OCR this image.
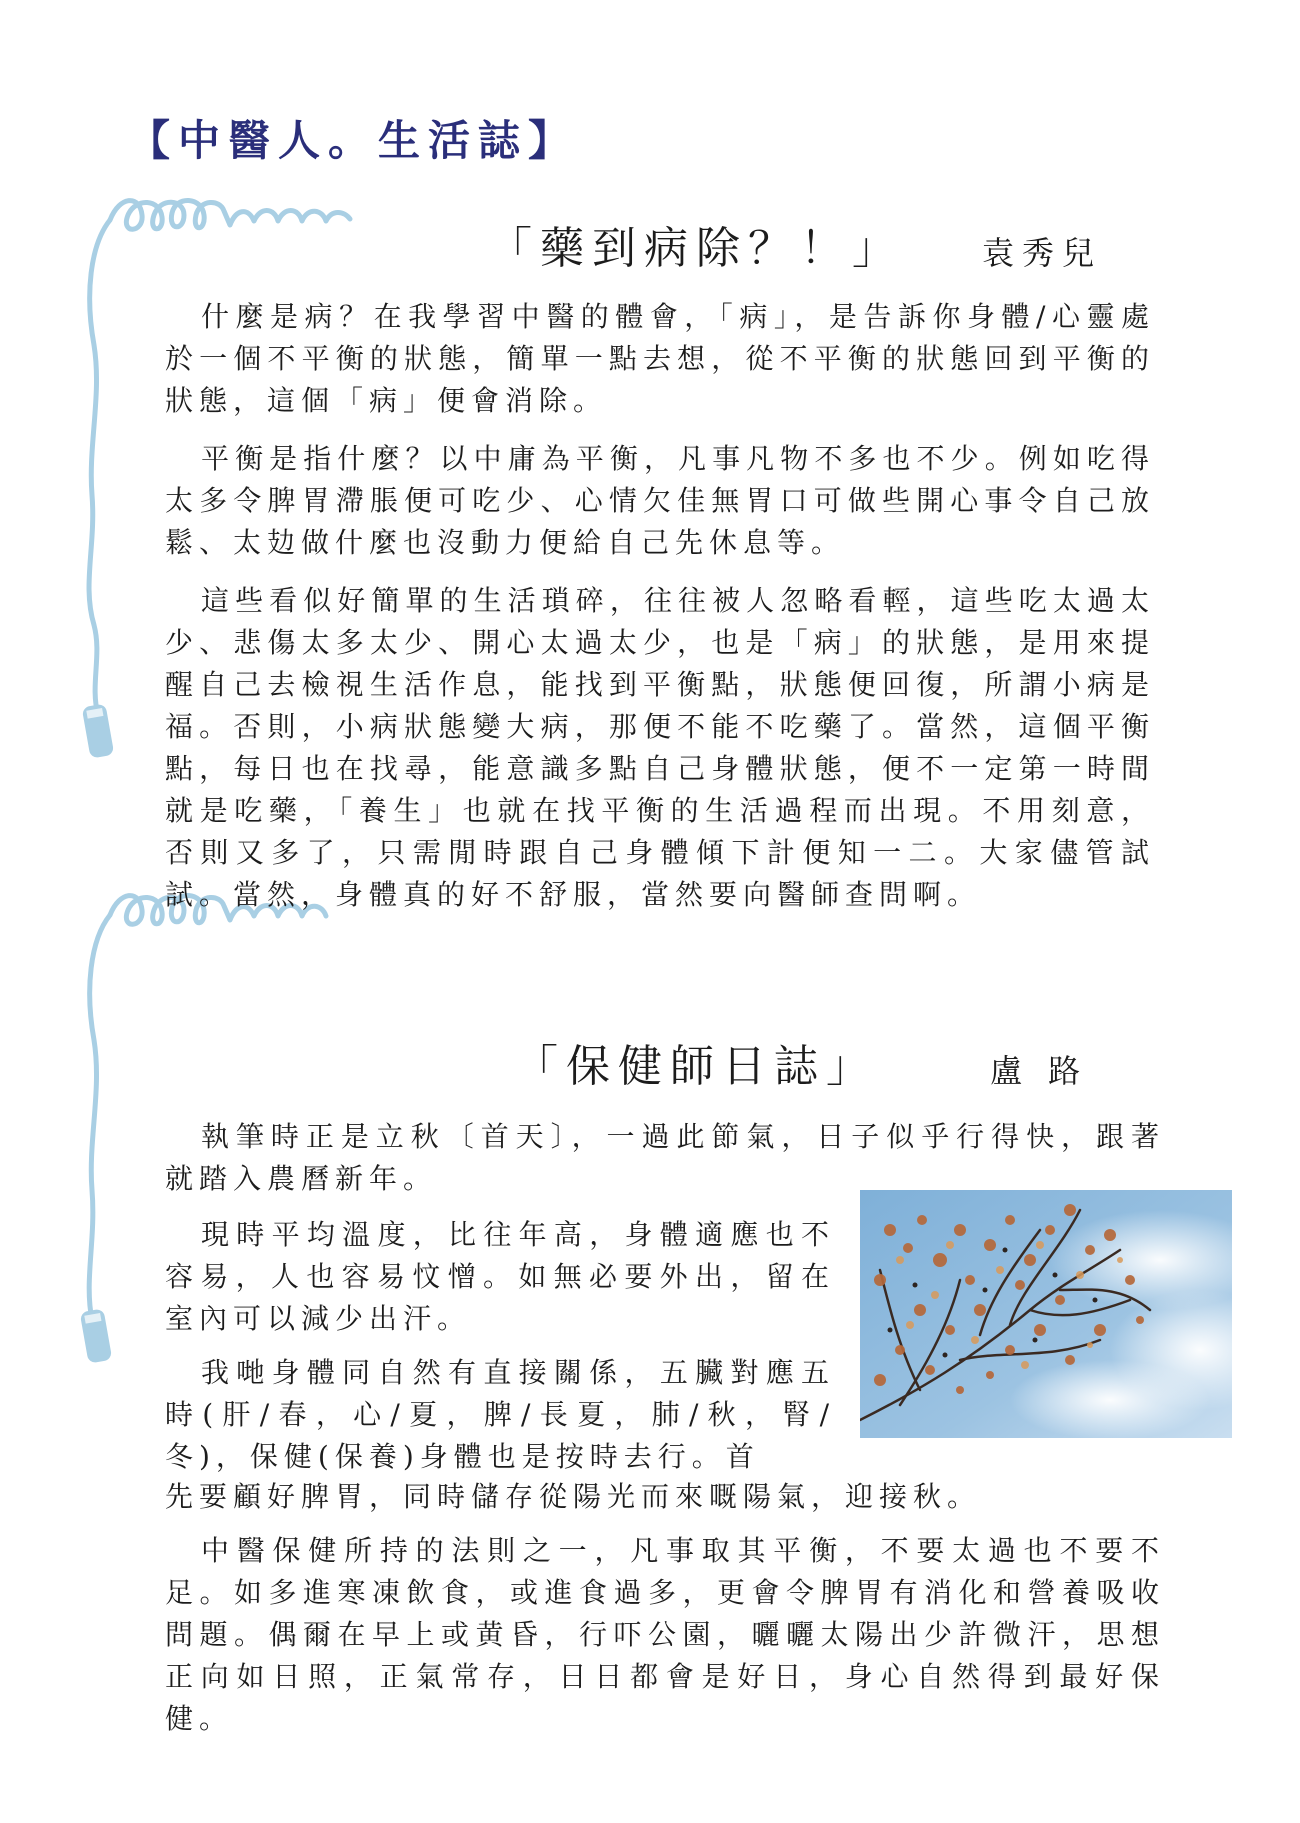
【中醫人。生活誌】
「藥到病除？！」 袁秀兒

什麼是病？在我學習中醫的體會，「病」，是告訴你身體/心靈處於一個不平衡的狀態，簡單一點去想，從不平衡的狀態回到平衡的狀態，這個「病」便會消除。

平衡是指什麼？以中庸為平衡，凡事凡物不多也不少。例如吃得太多令脾胃滯脹便可吃少、心情欠佳無胃口可做些開心事令自己放鬆、太攰做什麼也沒動力便給自己先休息等。

這些看似好簡單的生活瑣碎，往往被人忽略看輕，這些吃太過太少、悲傷太多太少、開心太過太少，也是「病」的狀態，是用來提醒自己去檢視生活作息，能找到平衡點，狀態便回復，所謂小病是福。否則，小病狀態變大病，那便不能不吃藥了。當然，這個平衡點，每日也在找尋，能意識多點自己身體狀態，便不一定第一時間就是吃藥，「養生」也就在找平衡的生活過程而出現。不用刻意，否則又多了，只需閒時跟自己身體傾下計便知一二。大家儘管試試。當然，身體真的好不舒服，當然要向醫師查問啊。

「保健師日誌」	盧 路

執筆時正是立秋〔首天〕，一過此節氣，日子似乎行得快，跟著就踏入農曆新年。

現時平均溫度，比往年高，身體適應也不容易，人也容易忟憎。如無必要外出，留在室內可以減少出汗。

我哋身體同自然有直接關係，五臟對應五時(肝/春，心/夏，脾/長夏，肺/秋，腎/冬)，保健(保養)身體也是按時去行。首

先要顧好脾胃，同時儲存從陽光而來嘅陽氣，迎接秋。

中醫保健所持的法則之一，凡事取其平衡，不要太過也不要不足。如多進寒凍飲食，或進食過多，更會令脾胃有消化和營養吸收問題。偶爾在早上或黄昏，行吓公園，曬曬太陽出少許微汗，思想正向如日照，正氣常存，日日都會是好日，身心自然得到最好保健。
